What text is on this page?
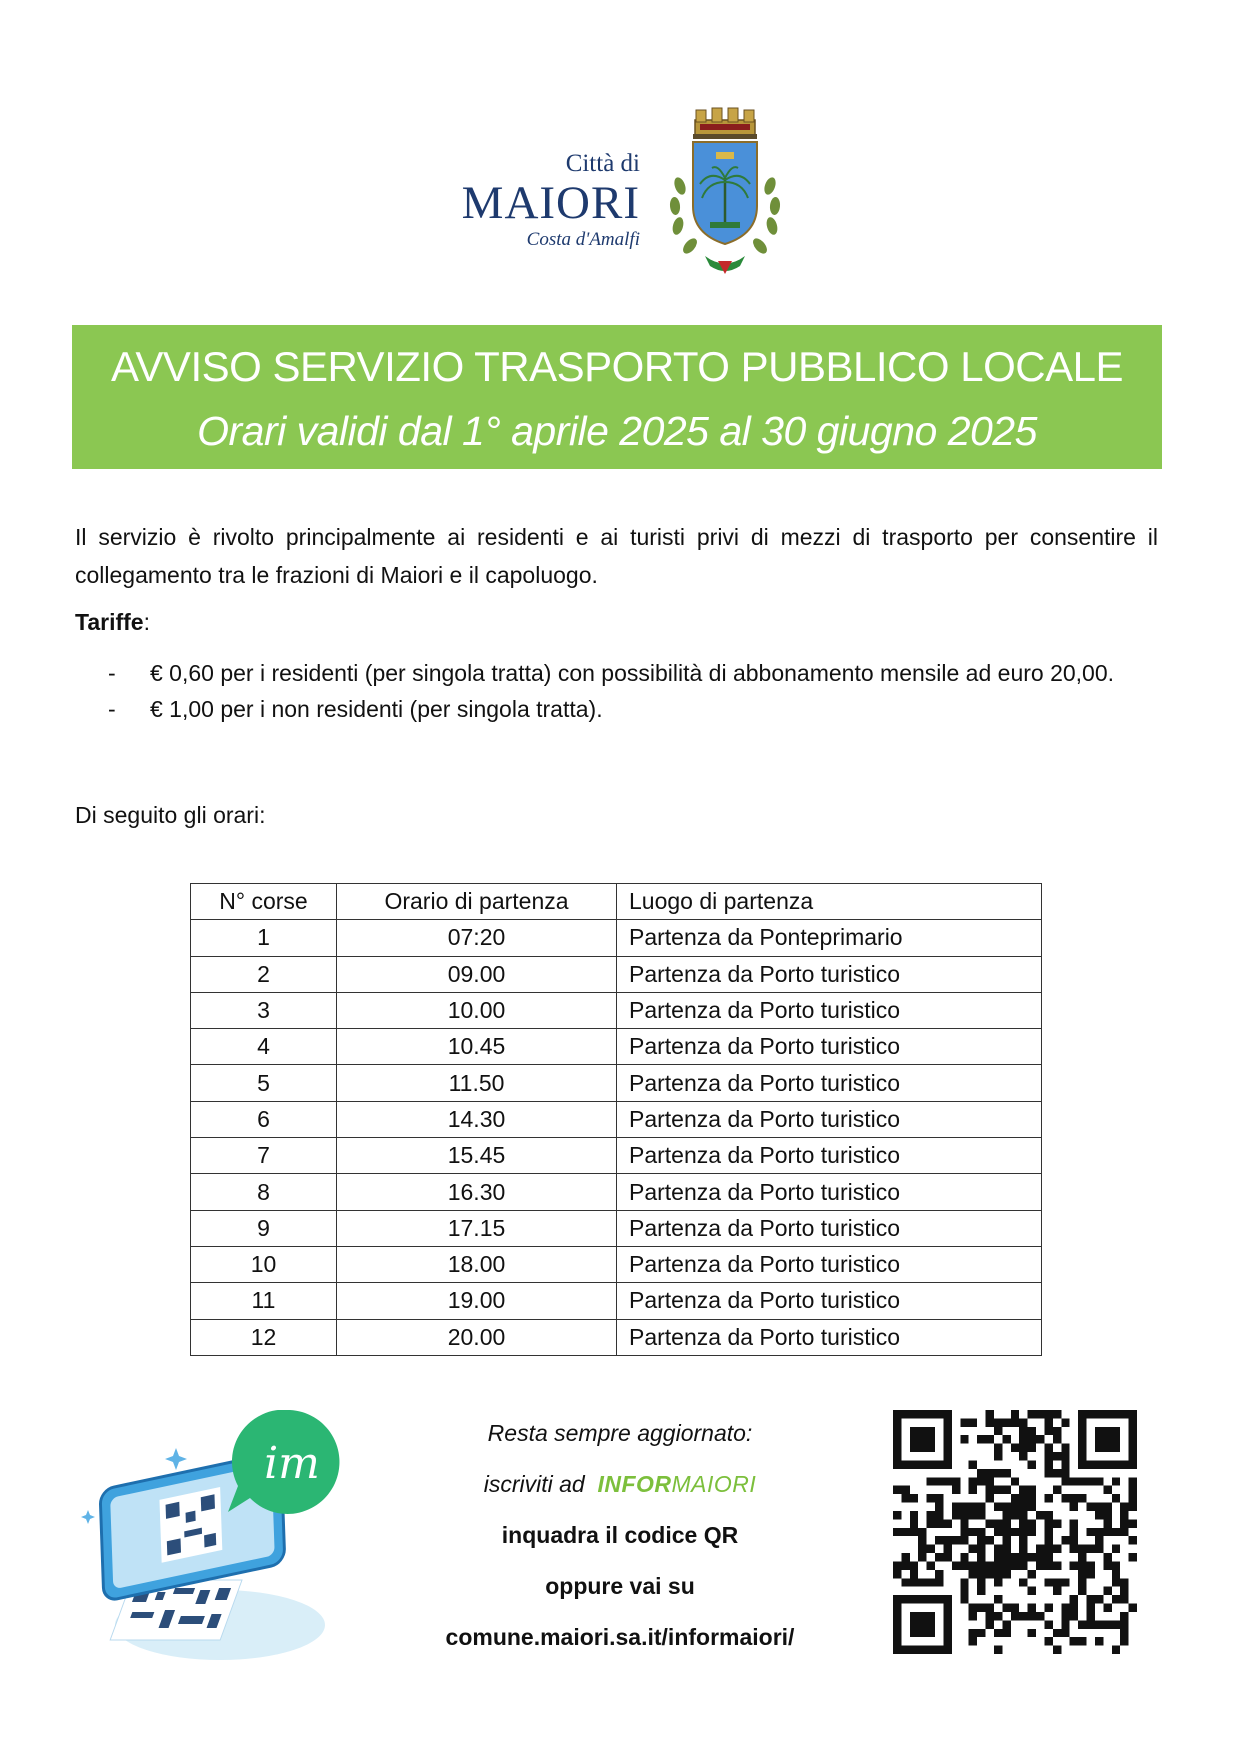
Città di
MAIORI
Costa d'Amalfi
AVVISO SERVIZIO TRASPORTO PUBBLICO LOCALE
Orari validi dal 1° aprile 2025 al 30 giugno 2025

Il servizio è rivolto principalmente ai residenti e ai turisti privi di mezzi di trasporto per consentire il collegamento tra le frazioni di Maiori e il capoluogo.

Tariffe:
- € 0,60 per i residenti (per singola tratta) con possibilità di abbonamento mensile ad euro 20,00.
- € 1,00 per i non residenti (per singola tratta).
Di seguito gli orari:
N° corse	Orario di partenza	Luogo di partenza
1	07:20	Partenza da Ponteprimario
2	09.00	Partenza da Porto turistico
3	10.00	Partenza da Porto turistico
4	10.45	Partenza da Porto turistico
5	11.50	Partenza da Porto turistico
6	14.30	Partenza da Porto turistico
7	15.45	Partenza da Porto turistico
8	16.30	Partenza da Porto turistico
9	17.15	Partenza da Porto turistico
10	18.00	Partenza da Porto turistico
11	19.00	Partenza da Porto turistico
12	20.00	Partenza da Porto turistico
im
Resta sempre aggiornato:
iscriviti ad INFORMAIORI
inquadra il codice QR
oppure vai su
comune.maiori.sa.it/informaiori/
